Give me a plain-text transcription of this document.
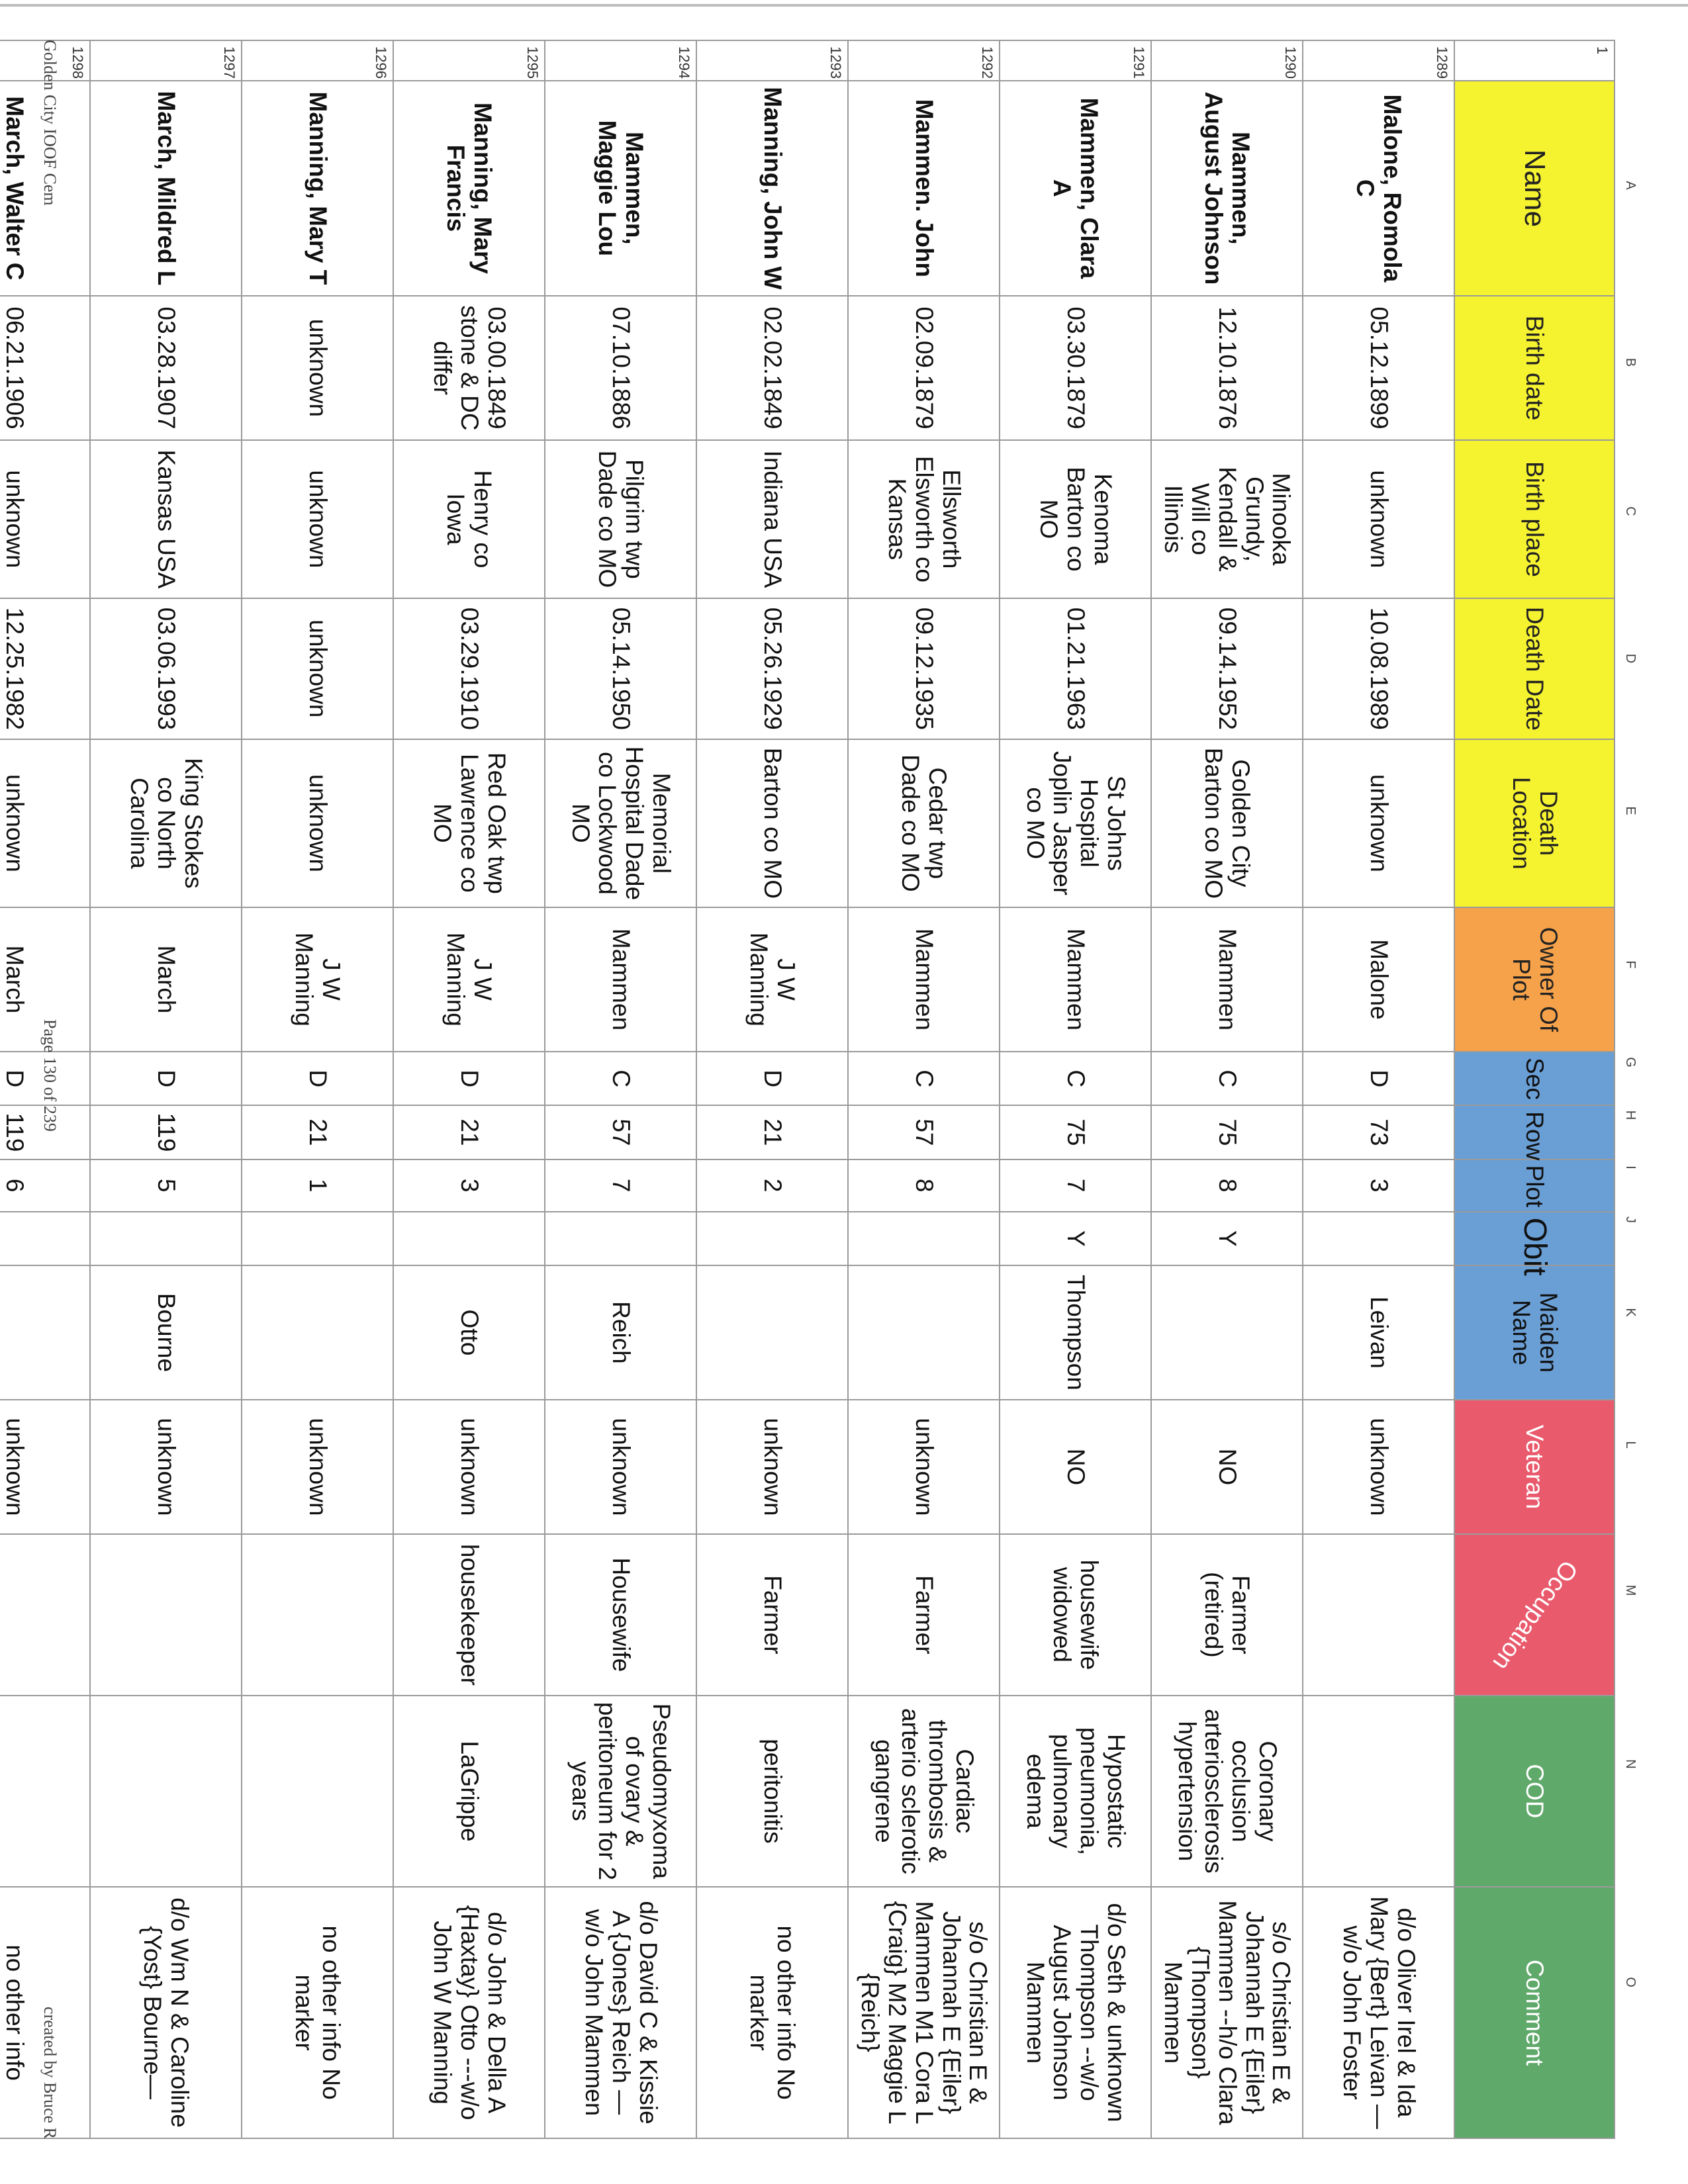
A
B
C
D
E
F
G
H
I
J
K
L
M
N
O
1	Name	Birth date	Birth place	Death Date	Death Location	Owner Of Plot	Sec	Row	Plot	Obit	Maiden Name	Veteran	Occupation	COD	Comment
1289	Malone, Romola C	05.12.1899	unknown	10.08.1989	unknown	Malone	D	73	3		Leivan	unknown			d/o Oliver Irel & Ida Mary {Bert} Leivan —w/o John Foster
1290	Mammen, August Johnson	12.10.1876	Minooka Grundy, Kendall & Will co Illinois	09.14.1952	Golden City Barton co MO	Mammen	C	75	8	Y		NO	Farmer (retired)	Coronary occlusion arteriosclerosis hypertension	s/o Christian E & Johannah E {Eiler} Mammen --h/o Clara {Thompson} Mammen
1291	Mammen, Clara A	03.30.1879	Kenoma Barton co MO	01.21.1963	St Johns Hospital Joplin Jasper co MO	Mammen	C	75	7	Y	Thompson	NO	housewife widowed	Hypostatic pneumonia, pulmonary edema	d/o Seth & unknown Thompson --w/o August Johnson Mammen
1292	Mammen. John	02.09.1879	Ellsworth Elsworth co Kansas	09.12.1935	Cedar twp Dade co MO	Mammen	C	57	8			unknown	Farmer	Cardiac thrombosis & arterio sclerotic gangrene	s/o Christian E & Johannah E {Eiler} Mammen M1 Cora L {Craig} M2 Maggie L {Reich}
1293	Manning, John W	02.02.1849	Indiana USA	05.26.1929	Barton co MO	J W Manning	D	21	2			unknown	Farmer	peritonitis	no other info No marker
1294	Mammen, Maggie Lou	07.10.1886	Pilgrim twp Dade co MO	05.14.1950	Memorial Hospital Dade co Lockwood MO	Mammen	C	57	7		Reich	unknown	Housewife	Pseudomyxoma of ovary & peritoneum for 2 years	d/o David C & Kissie A {Jones} Reich —w/o John Mammen
1295	Manning, Mary Francis	03.00.1849 stone & DC differ	Henry co Iowa	03.29.1910	Red Oak twp Lawrence co MO	J W Manning	D	21	3		Otto	unknown	housekeeper	LaGrippe	d/o John & Della A {Haxtay} Otto ---w/o John W Manning
1296	Manning, Mary T	unknown	unknown	unknown	unknown	J W Manning	D	21	1			unknown			no other info No marker
1297	March, Mildred L	03.28.1907	Kansas USA	03.06.1993	King Stokes co North Carolina	March	D	119	5		Bourne	unknown			d/o Wm N & Caroline {Yost} Bourne—
1298	March, Walter C	06.21.1906	unknown	12.25.1982	unknown	March	D	119	6			unknown			no other info
Golden City IOOF Cem
Page 130 of 239
created by Bruce R
